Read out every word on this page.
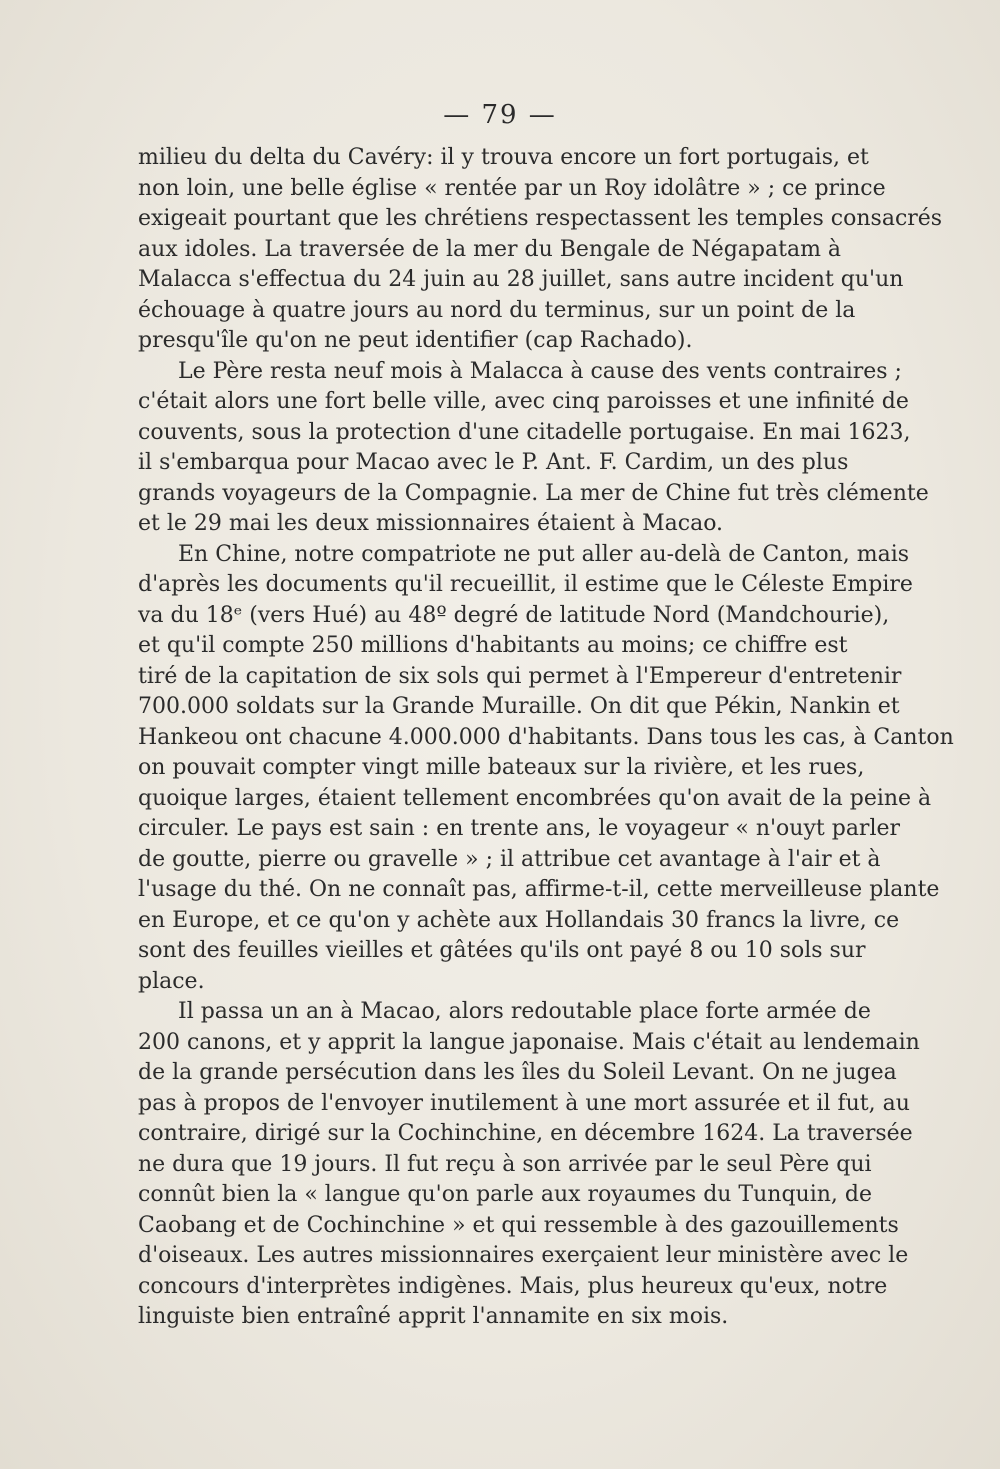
— 79 —
milieu du delta du Cavéry: il y trouva encore un fort portugais, et
non loin, une belle église « rentée par un Roy idolâtre » ; ce prince
exigeait pourtant que les chrétiens respectassent les temples consacrés
aux idoles. La traversée de la mer du Bengale de Négapatam à
Malacca s'effectua du 24 juin au 28 juillet, sans autre incident qu'un
échouage à quatre jours au nord du terminus, sur un point de la
presqu'île qu'on ne peut identifier (cap Rachado).
Le Père resta neuf mois à Malacca à cause des vents contraires ;
c'était alors une fort belle ville, avec cinq paroisses et une infinité de
couvents, sous la protection d'une citadelle portugaise. En mai 1623,
il s'embarqua pour Macao avec le P. Ant. F. Cardim, un des plus
grands voyageurs de la Compagnie. La mer de Chine fut très clémente
et le 29 mai les deux missionnaires étaient à Macao.
En Chine, notre compatriote ne put aller au-delà de Canton, mais
d'après les documents qu'il recueillit, il estime que le Céleste Empire
va du 18ᵉ (vers Hué) au 48º degré de latitude Nord (Mandchourie),
et qu'il compte 250 millions d'habitants au moins; ce chiffre est
tiré de la capitation de six sols qui permet à l'Empereur d'entretenir
700.000 soldats sur la Grande Muraille. On dit que Pékin, Nankin et
Hankeou ont chacune 4.000.000 d'habitants. Dans tous les cas, à Canton
on pouvait compter vingt mille bateaux sur la rivière, et les rues,
quoique larges, étaient tellement encombrées qu'on avait de la peine à
circuler. Le pays est sain : en trente ans, le voyageur « n'ouyt parler
de goutte, pierre ou gravelle » ; il attribue cet avantage à l'air et à
l'usage du thé. On ne connaît pas, affirme-t-il, cette merveilleuse plante
en Europe, et ce qu'on y achète aux Hollandais 30 francs la livre, ce
sont des feuilles vieilles et gâtées qu'ils ont payé 8 ou 10 sols sur
place.
Il passa un an à Macao, alors redoutable place forte armée de
200 canons, et y apprit la langue japonaise. Mais c'était au lendemain
de la grande persécution dans les îles du Soleil Levant. On ne jugea
pas à propos de l'envoyer inutilement à une mort assurée et il fut, au
contraire, dirigé sur la Cochinchine, en décembre 1624. La traversée
ne dura que 19 jours. Il fut reçu à son arrivée par le seul Père qui
connût bien la « langue qu'on parle aux royaumes du Tunquin, de
Caobang et de Cochinchine » et qui ressemble à des gazouillements
d'oiseaux. Les autres missionnaires exerçaient leur ministère avec le
concours d'interprètes indigènes. Mais, plus heureux qu'eux, notre
linguiste bien entraîné apprit l'annamite en six mois.
